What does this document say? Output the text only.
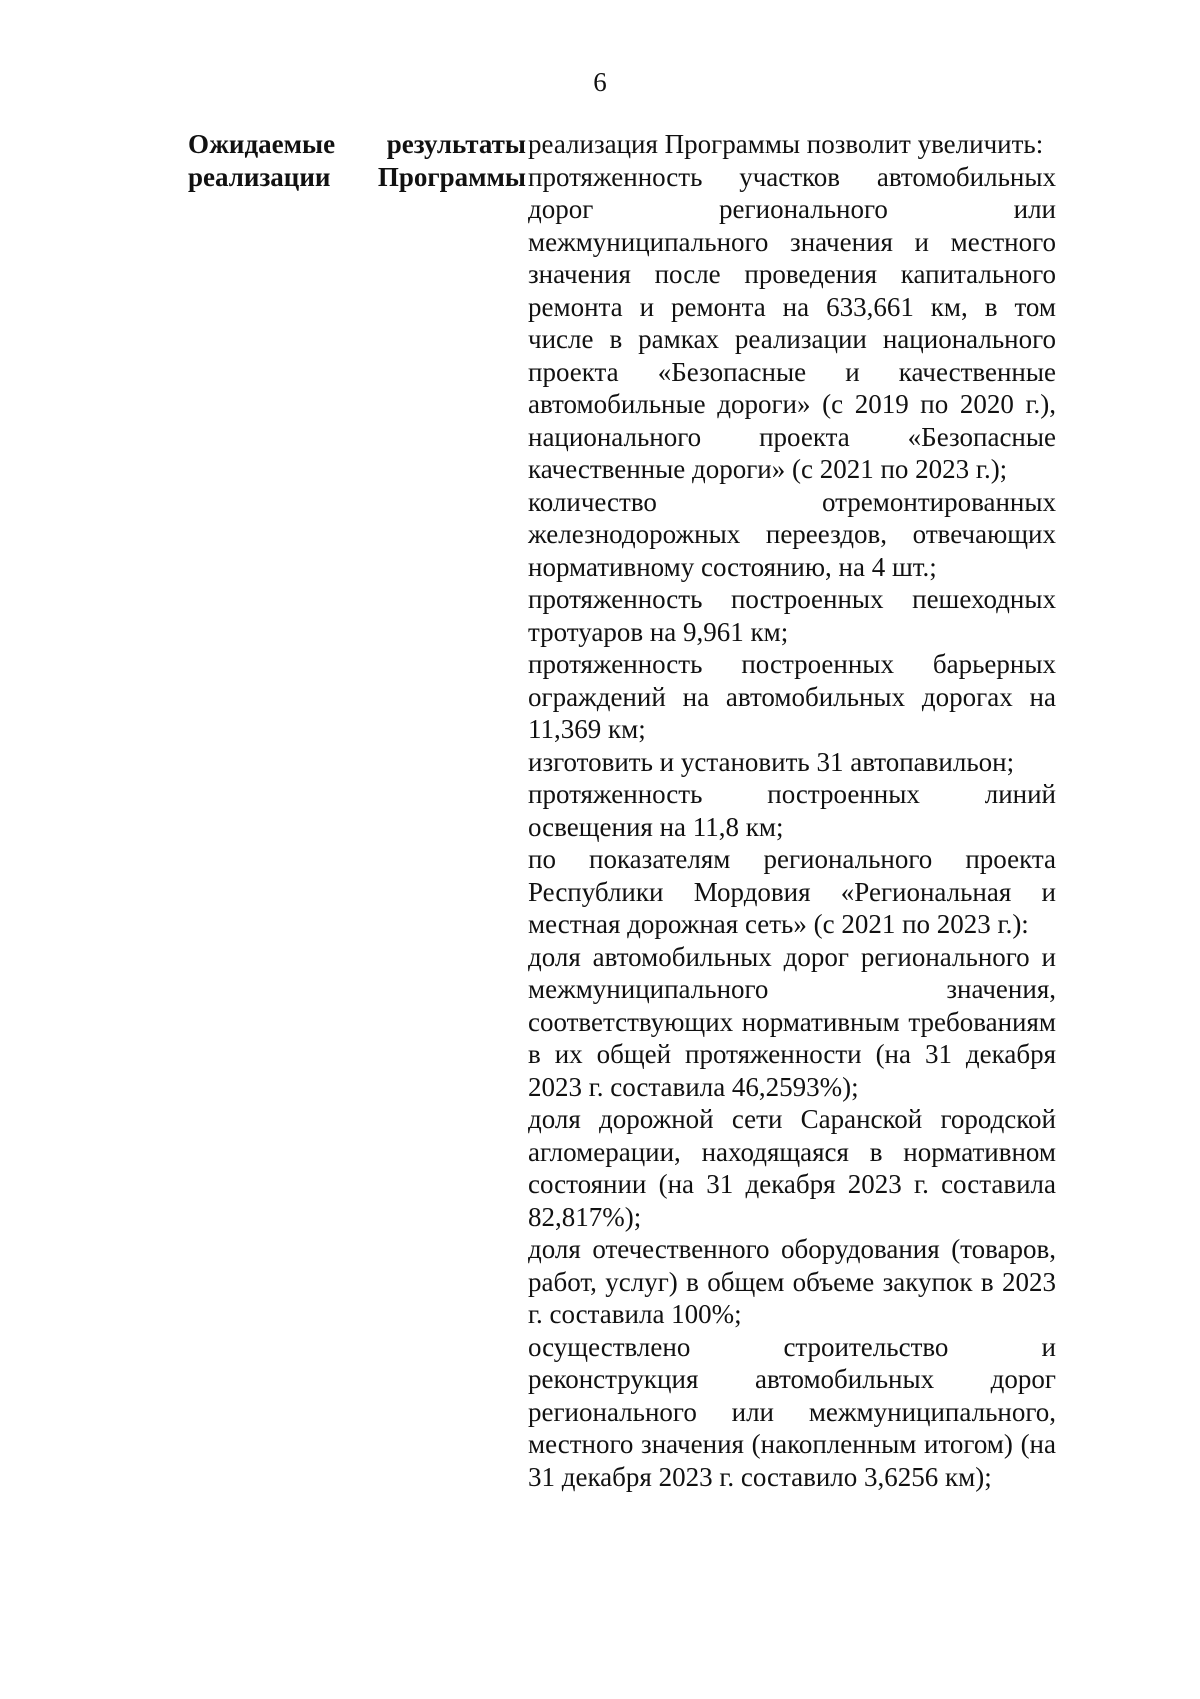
6
Ожидаемые результаты
реализации Программы

реализация Программы позволит увеличить:

протяженность участков автомобильных дорог регионального или межмуниципального значения и местного значения после проведения капитального ремонта и ремонта на 633,661 км, в том числе в рамках реализации национального проекта «Безопасные и качественные автомобильные дороги» (с 2019 по 2020 г.), национального проекта «Безопасные качественные дороги» (с 2021 по 2023 г.);

количество отремонтированных железнодорожных переездов, отвечающих нормативному состоянию, на 4 шт.;

протяженность построенных пешеходных тротуаров на 9,961 км;

протяженность построенных барьерных ограждений на автомобильных дорогах на 11,369 км;

изготовить и установить 31 автопавильон;

протяженность построенных линий освещения на 11,8 км;

по показателям регионального проекта Республики Мордовия «Региональная и местная дорожная сеть» (с 2021 по 2023 г.):

доля автомобильных дорог регионального и межмуниципального значения, соответствующих нормативным требованиям в их общей протяженности (на 31 декабря 2023 г. составила 46,2593%);

доля дорожной сети Саранской городской агломерации, находящаяся в нормативном состоянии (на 31 декабря 2023 г. составила 82,817%);

доля отечественного оборудования (товаров, работ, услуг) в общем объеме закупок в 2023 г. составила 100%;

осуществлено строительство и реконструкция автомобильных дорог регионального или межмуниципального, местного значения (накопленным итогом) (на 31 декабря 2023 г. составило 3,6256 км);
